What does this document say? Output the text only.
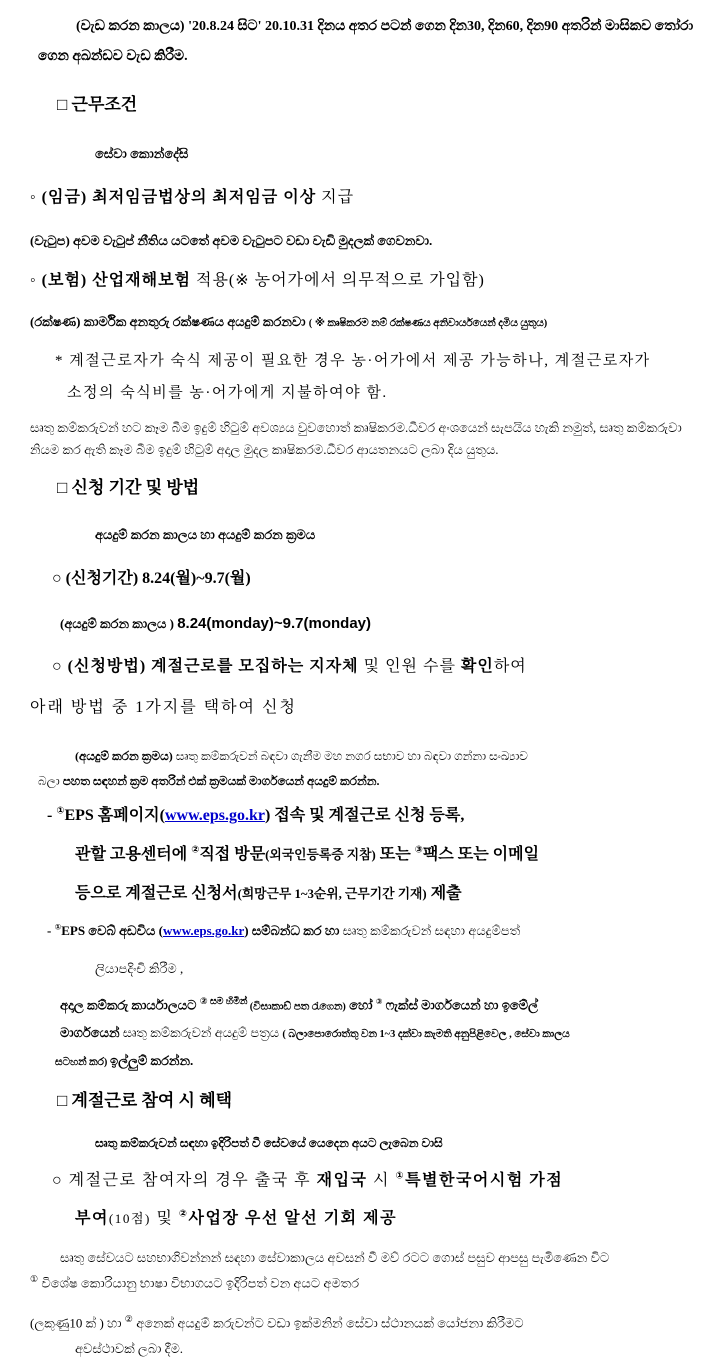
(වැඩ කරන කාලය) '20.8.24 සිට' 20.10.31 දිනය අතර පටන් ගෙන දින30, දින60, දින90 අතරින් මාසිකව තෝරා ගෙන අඛන්ඩව වැඩ කිරීම.
□ 근무조건
සේවා කොන්දේසි
◦ (임금) 최저임금법상의 최저임금 이상 지급
(වැටුප) අවම වැටුප් නීතිය යටතේ අවම වැටුපට වඩා වැඩි මුදලක් ගෙවනවා.
◦ (보험) 산업재해보험 적용(※ 농어가에서 의무적으로 가입함)
(රක්ෂණ) කාර්මික අනතුරු රක්ෂණය අයදුම් කරනවා ( ※ කෘෂිකරම නම් රක්ෂණය අනිවාර්යයෙන් දමිය යුතුය)
* 계절근로자가 숙식 제공이 필요한 경우 농·어가에서 제공 가능하나, 계절근로자가
소정의 숙식비를 농·어가에게 지불하여야 함.
සෘතු කම්කරුවන් හට කෑම බීම ඉදුම් හිටුම් අවශ්‍යය වුවහොත් කෘෂිකරම.ධීවර අංශයෙන් සැපයිය හැකි නමුත්, සෘතු කම්කරුවා නියම කර ඇති කෑම බීම ඉදුම් හිටුම් අදාල මුදල කෘෂිකරම.ධීවර ආයතනයට ලබා දිය යුතුය.
□ 신청 기간 및 방법
අයදුම් කරන කාලය හා අයදුම් කරන ක්‍රමය
○ (신청기간) 8.24(월)~9.7(월)
(අයදුම් කරන කාලය ) 8.24(monday)~9.7(monday)
○ (신청방법) 계절근로를 모집하는 지자체 및 인원 수를 확인하여
아래 방법 중 1가지를 택하여 신청
(අයදුම් කරන ක්‍රමය) සෘතු කම්කරුවන් බඳවා ගැනීම මහ නගර සභාව හා බඳවා ගන්නා සංඛ්‍යාව
බලා පහත සඳහන් ක්‍රම අතරින් එක් ක්‍රමයක් මාර්ගයෙන් අයදුම් කරන්න.
- ①EPS 홈페이지(www.eps.go.kr) 접속 및 계절근로 신청 등록,
관할 고용센터에 ②직접 방문(외국인등록증 지참) 또는 ③팩스 또는 이메일
등으로 계절근로 신청서(희망근무 1~3순위, 근무기간 기재) 제출
- ①EPS වෙබ් අඩවිය (www.eps.go.kr) සම්බන්ධ කර හා සෘතු කම්කරුවන් සඳහා අයදුම්පත්
ලියාපදිංචි කිරීම ,
අදාල කම්කරු කාර්යාලයට $^{② සම හිමින්}$ (විසාකාඩ් පත රැගෙන) හෝ ③ ෆැක්ස් මාර්ගයෙන් හා ඉමේල්
මාර්ගයෙන් සෘතු කම්කරුවන් අයදුම් පත්‍රය ( බලාපොරොත්තු වන 1~3 දක්වා කැමති අනුපිළිවෙල , සේවා කාලය
සටහන් කර) ඉල්ලුම් කරන්න.
□ 계절근로 참여 시 혜택
සෘතු කම්කරුවන් සඳහා ඉදිරිපත් වී සේවයේ යෙදෙන අයට ලැබෙන වාසි
○ 계절근로 참여자의 경우 출국 후 재입국 시 ①특별한국어시험 가점
부여(10점) 및 ②사업장 우선 알선 기회 제공
සෘතු සේවයට සහභාගිවන්නන් සඳහා සේවාකාලය අවසන් වී මව් රටට ගොස් පසුව ආපසු පැමිණෙන විට
① විශේෂ කොරියානු භාෂා විභාගයට ඉදිරිපත් වන අයට අමතර
(ලකුණු10 ක් ) හා ② අනෙක් අයදුම් කරුවන්ට වඩා ඉක්මනින් සේවා ස්ථානයක් යෝජනා කිරීමට
අවස්ථාවක් ලබා දීම.
